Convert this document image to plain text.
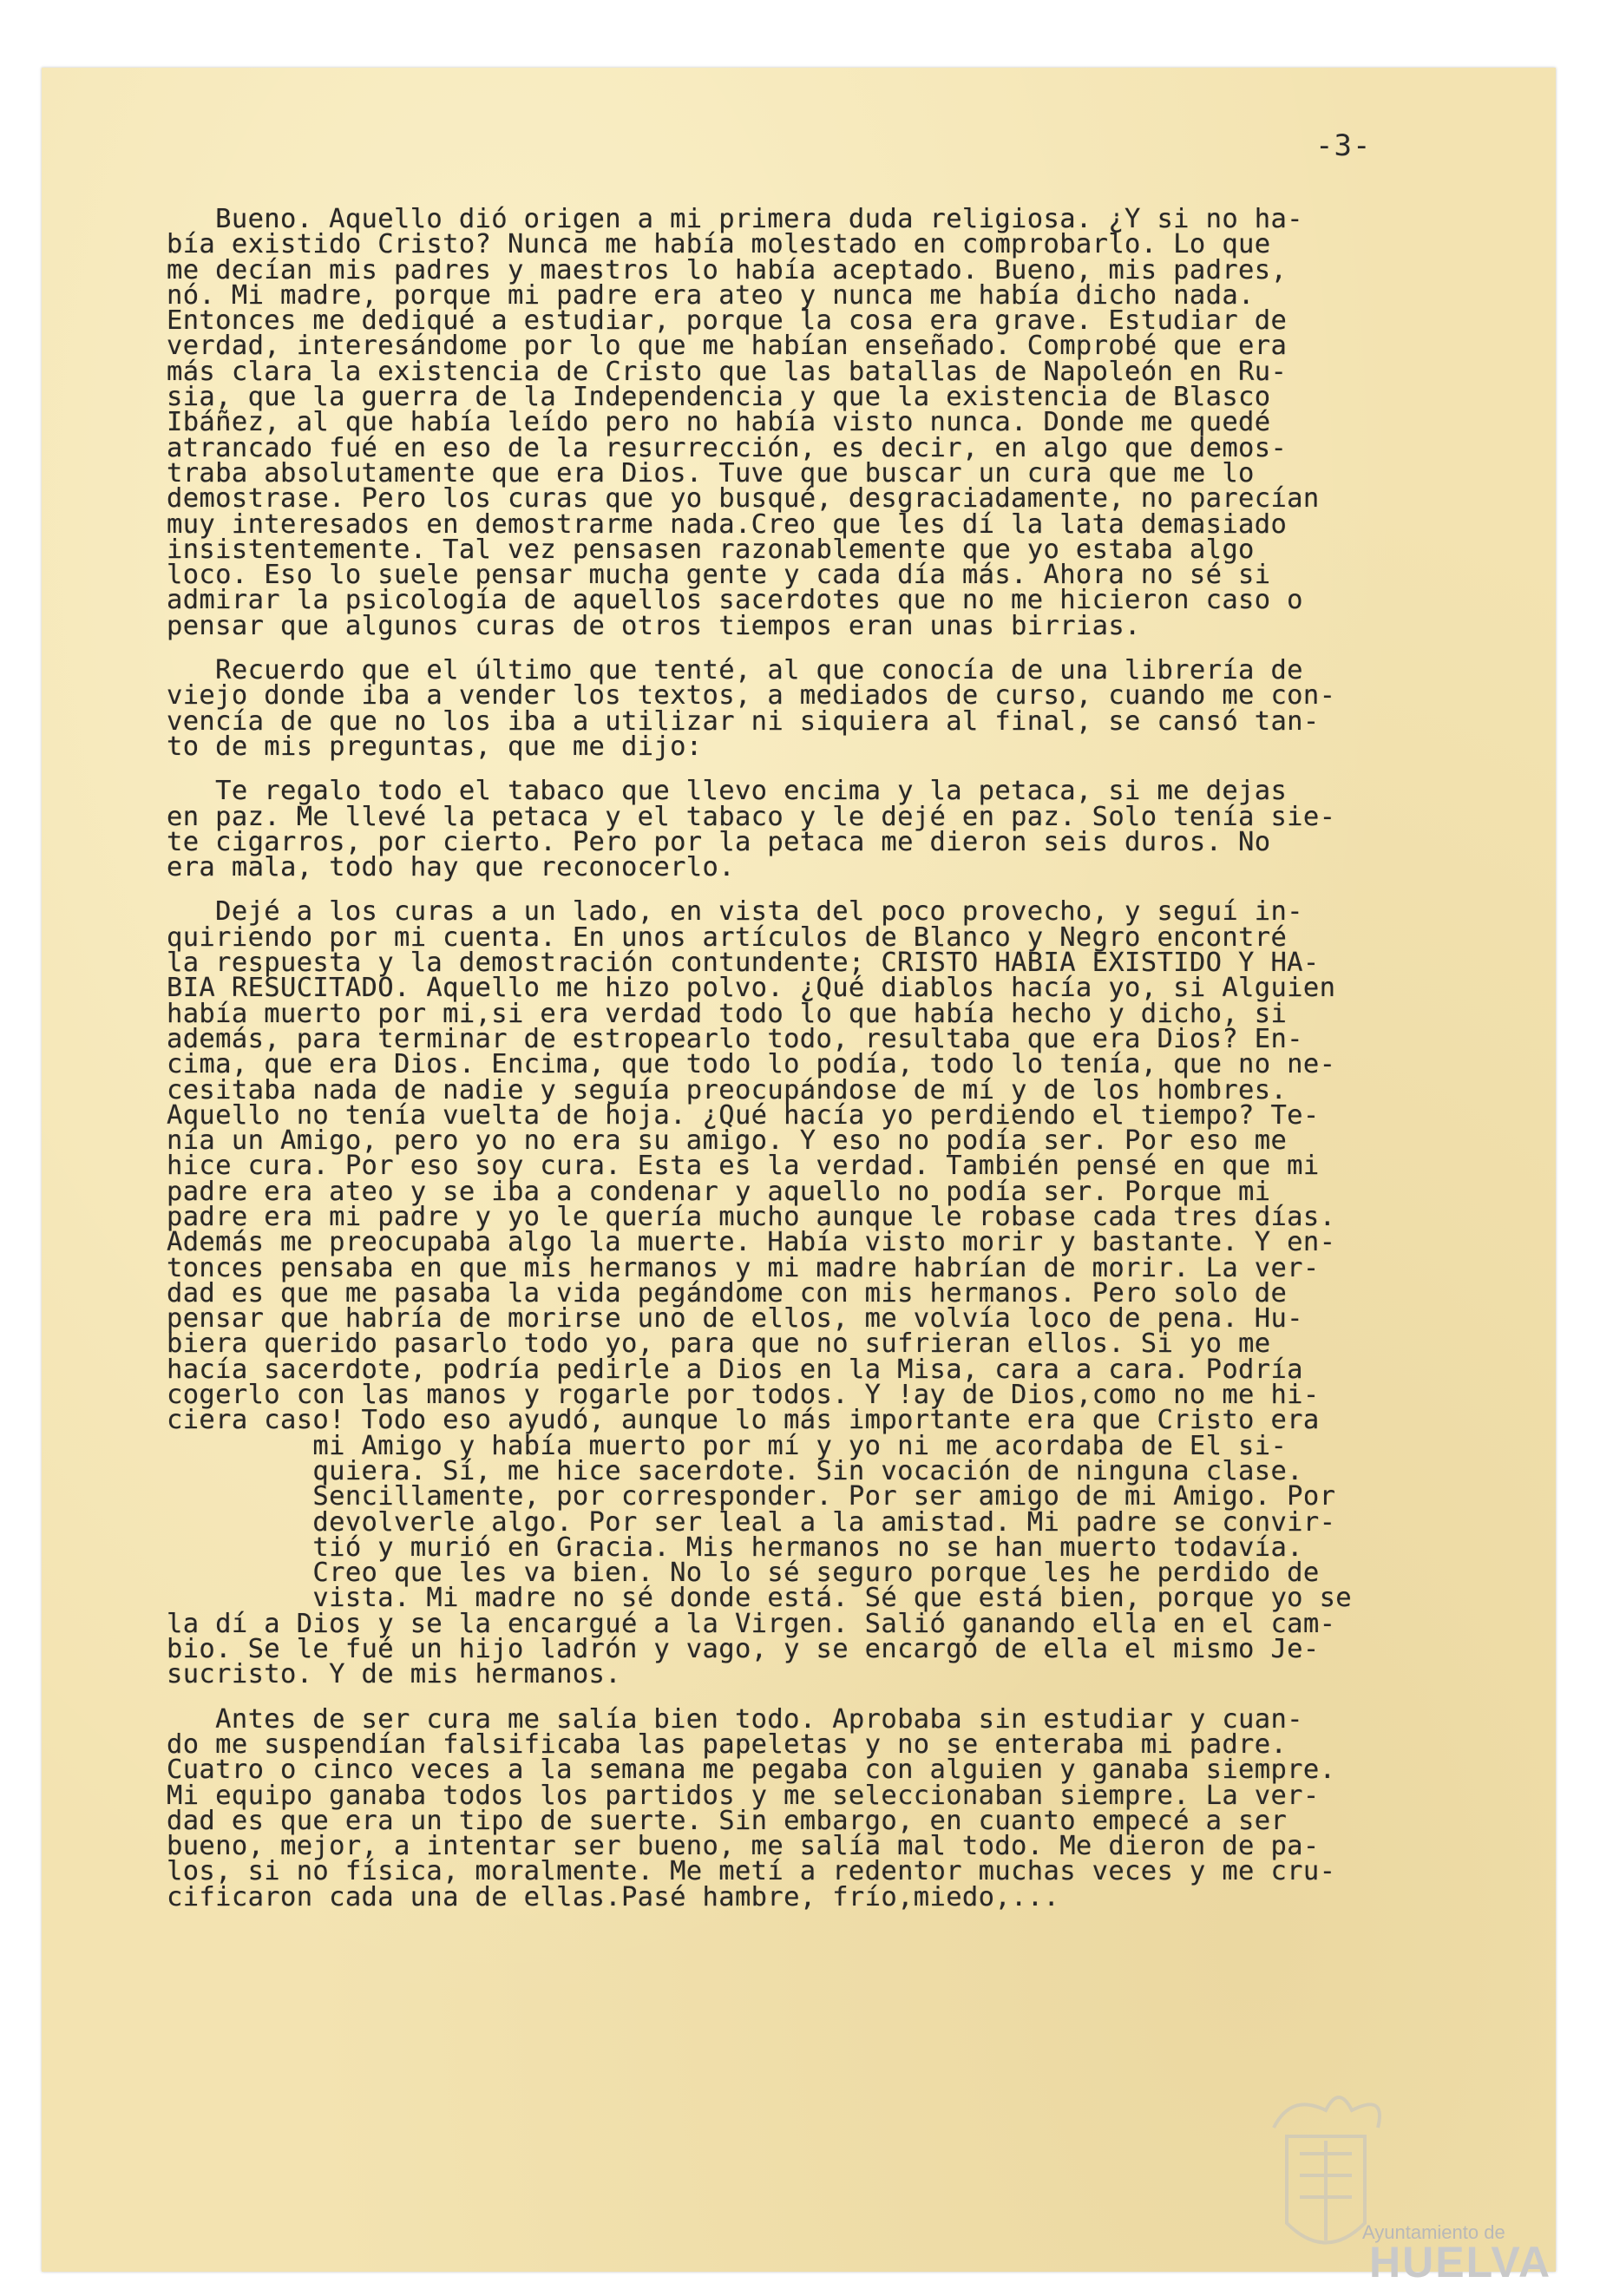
-3-
Bueno. Aquello dió origen a mi primera duda religiosa. ¿Y si no ha-
bía existido Cristo? Nunca me había molestado en comprobarlo. Lo que
me decían mis padres y maestros lo había aceptado. Bueno, mis padres,
nó. Mi madre, porque mi padre era ateo y nunca me había dicho nada.
Entonces me dediqué a estudiar, porque la cosa era grave. Estudiar de
verdad, interesándome por lo que me habían enseñado. Comprobé que era
más clara la existencia de Cristo que las batallas de Napoleón en Ru-
sia, que la guerra de la Independencia y que la existencia de Blasco
Ibáñez, al que había leído pero no había visto nunca. Donde me quedé
atrancado fué en eso de la resurrección, es decir, en algo que demos-
traba absolutamente que era Dios. Tuve que buscar un cura que me lo
demostrase. Pero los curas que yo busqué, desgraciadamente, no parecían
muy interesados en demostrarme nada.Creo que les dí la lata demasiado
insistentemente. Tal vez pensasen razonablemente que yo estaba algo
loco. Eso lo suele pensar mucha gente y cada día más. Ahora no sé si
admirar la psicología de aquellos sacerdotes que no me hicieron caso o
pensar que algunos curas de otros tiempos eran unas birrias.
Recuerdo que el último que tenté, al que conocía de una librería de
viejo donde iba a vender los textos, a mediados de curso, cuando me con-
vencía de que no los iba a utilizar ni siquiera al final, se cansó tan-
to de mis preguntas, que me dijo:
Te regalo todo el tabaco que llevo encima y la petaca, si me dejas
en paz. Me llevé la petaca y el tabaco y le dejé en paz. Solo tenía sie-
te cigarros, por cierto. Pero por la petaca me dieron seis duros. No
era mala, todo hay que reconocerlo.
Dejé a los curas a un lado, en vista del poco provecho, y seguí in-
quiriendo por mi cuenta. En unos artículos de Blanco y Negro encontré
la respuesta y la demostración contundente; CRISTO HABIA EXISTIDO Y HA-
BIA RESUCITADO. Aquello me hizo polvo. ¿Qué diablos hacía yo, si Alguien
había muerto por mi,si era verdad todo lo que había hecho y dicho, si
además, para terminar de estropearlo todo, resultaba que era Dios? En-
cima, que era Dios. Encima, que todo lo podía, todo lo tenía, que no ne-
cesitaba nada de nadie y seguía preocupándose de mí y de los hombres.
Aquello no tenía vuelta de hoja. ¿Qué hacía yo perdiendo el tiempo? Te-
nía un Amigo, pero yo no era su amigo. Y eso no podía ser. Por eso me
hice cura. Por eso soy cura. Esta es la verdad. También pensé en que mi
padre era ateo y se iba a condenar y aquello no podía ser. Porque mi
padre era mi padre y yo le quería mucho aunque le robase cada tres días.
Además me preocupaba algo la muerte. Había visto morir y bastante. Y en-
tonces pensaba en que mis hermanos y mi madre habrían de morir. La ver-
dad es que me pasaba la vida pegándome con mis hermanos. Pero solo de
pensar que habría de morirse uno de ellos, me volvía loco de pena. Hu-
biera querido pasarlo todo yo, para que no sufrieran ellos. Si yo me
hacía sacerdote, podría pedirle a Dios en la Misa, cara a cara. Podría
cogerlo con las manos y rogarle por todos. Y !ay de Dios,como no me hi-
ciera caso! Todo eso ayudó, aunque lo más importante era que Cristo era
mi Amigo y había muerto por mí y yo ni me acordaba de El si-
quiera. Sí, me hice sacerdote. Sin vocación de ninguna clase.
Sencillamente, por corresponder. Por ser amigo de mi Amigo. Por
devolverle algo. Por ser leal a la amistad. Mi padre se convir-
tió y murió en Gracia. Mis hermanos no se han muerto todavía.
Creo que les va bien. No lo sé seguro porque les he perdido de
vista. Mi madre no sé donde está. Sé que está bien, porque yo se
la dí a Dios y se la encargué a la Virgen. Salió ganando ella en el cam-
bio. Se le fué un hijo ladrón y vago, y se encargó de ella el mismo Je-
sucristo. Y de mis hermanos.
Antes de ser cura me salía bien todo. Aprobaba sin estudiar y cuan-
do me suspendían falsificaba las papeletas y no se enteraba mi padre.
Cuatro o cinco veces a la semana me pegaba con alguien y ganaba siempre.
Mi equipo ganaba todos los partidos y me seleccionaban siempre. La ver-
dad es que era un tipo de suerte. Sin embargo, en cuanto empecé a ser
bueno, mejor, a intentar ser bueno, me salía mal todo. Me dieron de pa-
los, si no física, moralmente. Me metí a redentor muchas veces y me cru-
cificaron cada una de ellas.Pasé hambre, frío,miedo,...
Ayuntamiento de
HUELVA
